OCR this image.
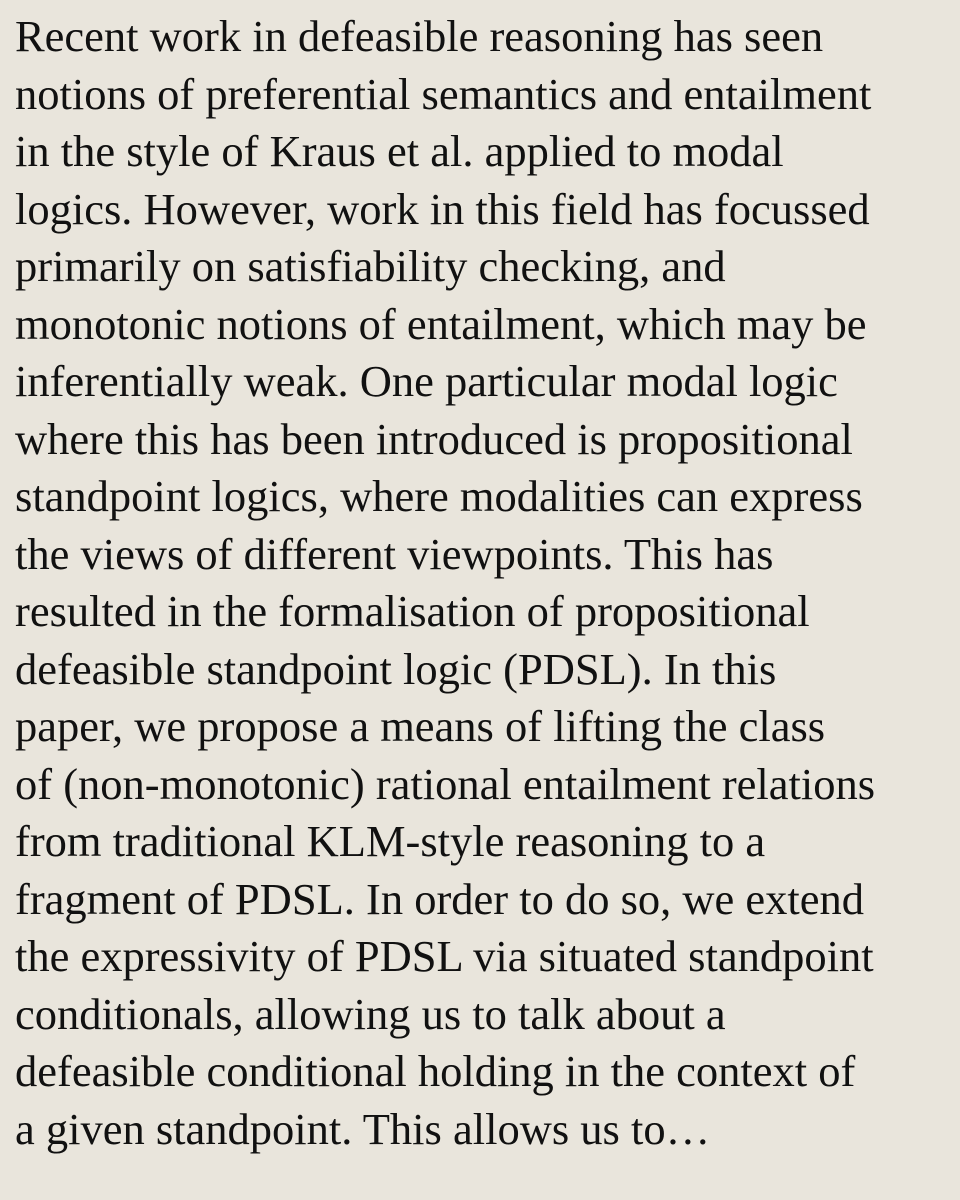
Recent work in defeasible reasoning has seen
notions of preferential semantics and entailment
in the style of Kraus et al. applied to modal
logics. However, work in this field has focussed
primarily on satisfiability checking, and
monotonic notions of entailment, which may be
inferentially weak. One particular modal logic
where this has been introduced is propositional
standpoint logics, where modalities can express
the views of different viewpoints. This has
resulted in the formalisation of propositional
defeasible standpoint logic (PDSL). In this
paper, we propose a means of lifting the class
of (non-monotonic) rational entailment relations
from traditional KLM-style reasoning to a
fragment of PDSL. In order to do so, we extend
the expressivity of PDSL via situated standpoint
conditionals, allowing us to talk about a
defeasible conditional holding in the context of
a given standpoint. This allows us to…
